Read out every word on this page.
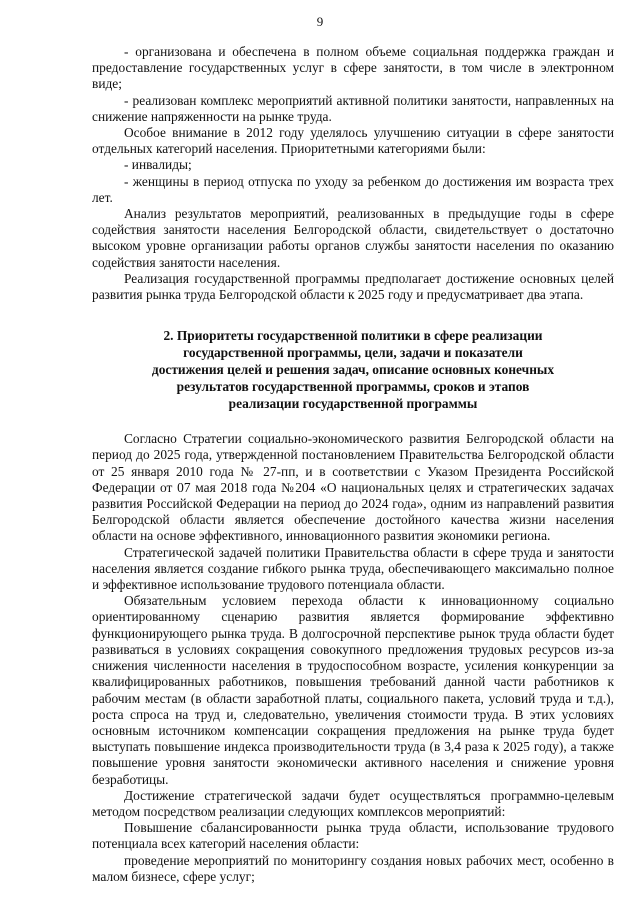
9

- организована и обеспечена в полном объеме социальная поддержка граждан и предоставление государственных услуг в сфере занятости, в том числе в электронном виде;

- реализован комплекс мероприятий активной политики занятости, направленных на снижение напряженности на рынке труда.

Особое внимание в 2012 году уделялось улучшению ситуации в сфере занятости отдельных категорий населения. Приоритетными категориями были:

- инвалиды;

- женщины в период отпуска по уходу за ребенком до достижения им возраста трех лет.

Анализ результатов мероприятий, реализованных в предыдущие годы в сфере содействия занятости населения Белгородской области, свидетельствует о достаточно высоком уровне организации работы органов службы занятости населения по оказанию содействия занятости населения.

Реализация государственной программы предполагает достижение основных целей развития рынка труда Белгородской области к 2025 году и предусматривает два этапа.

2. Приоритеты государственной политики в сфере реализации
государственной программы, цели, задачи и показатели
достижения целей и решения задач, описание основных конечных
результатов государственной программы, сроков и этапов
реализации государственной программы

Согласно Стратегии социально-экономического развития Белгородской области на период до 2025 года, утвержденной постановлением Правительства Белгородской области от 25 января 2010 года № 27-пп, и в соответствии с Указом Президента Российской Федерации от 07 мая 2018 года №204 «О национальных целях и стратегических задачах развития Российской Федерации на период до 2024 года», одним из направлений развития Белгородской области является обеспечение достойного качества жизни населения области на основе эффективного, инновационного развития экономики региона.

Стратегической задачей политики Правительства области в сфере труда и занятости населения является создание гибкого рынка труда, обеспечивающего максимально полное и эффективное использование трудового потенциала области.

Обязательным условием перехода области к инновационному социально ориентированному сценарию развития является формирование эффективно функционирующего рынка труда. В долгосрочной перспективе рынок труда области будет развиваться в условиях сокращения совокупного предложения трудовых ресурсов из-за снижения численности населения в трудоспособном возрасте, усиления конкуренции за квалифицированных работников, повышения требований данной части работников к рабочим местам (в области заработной платы, социального пакета, условий труда и т.д.), роста спроса на труд и, следовательно, увеличения стоимости труда. В этих условиях основным источником компенсации сокращения предложения на рынке труда будет выступать повышение индекса производительности труда (в 3,4 раза к 2025 году), а также повышение уровня занятости экономически активного населения и снижение уровня безработицы.

Достижение стратегической задачи будет осуществляться программно-целевым методом посредством реализации следующих комплексов мероприятий:

Повышение сбалансированности рынка труда области, использование трудового потенциала всех категорий населения области:

проведение мероприятий по мониторингу создания новых рабочих мест, особенно в малом бизнесе, сфере услуг;
